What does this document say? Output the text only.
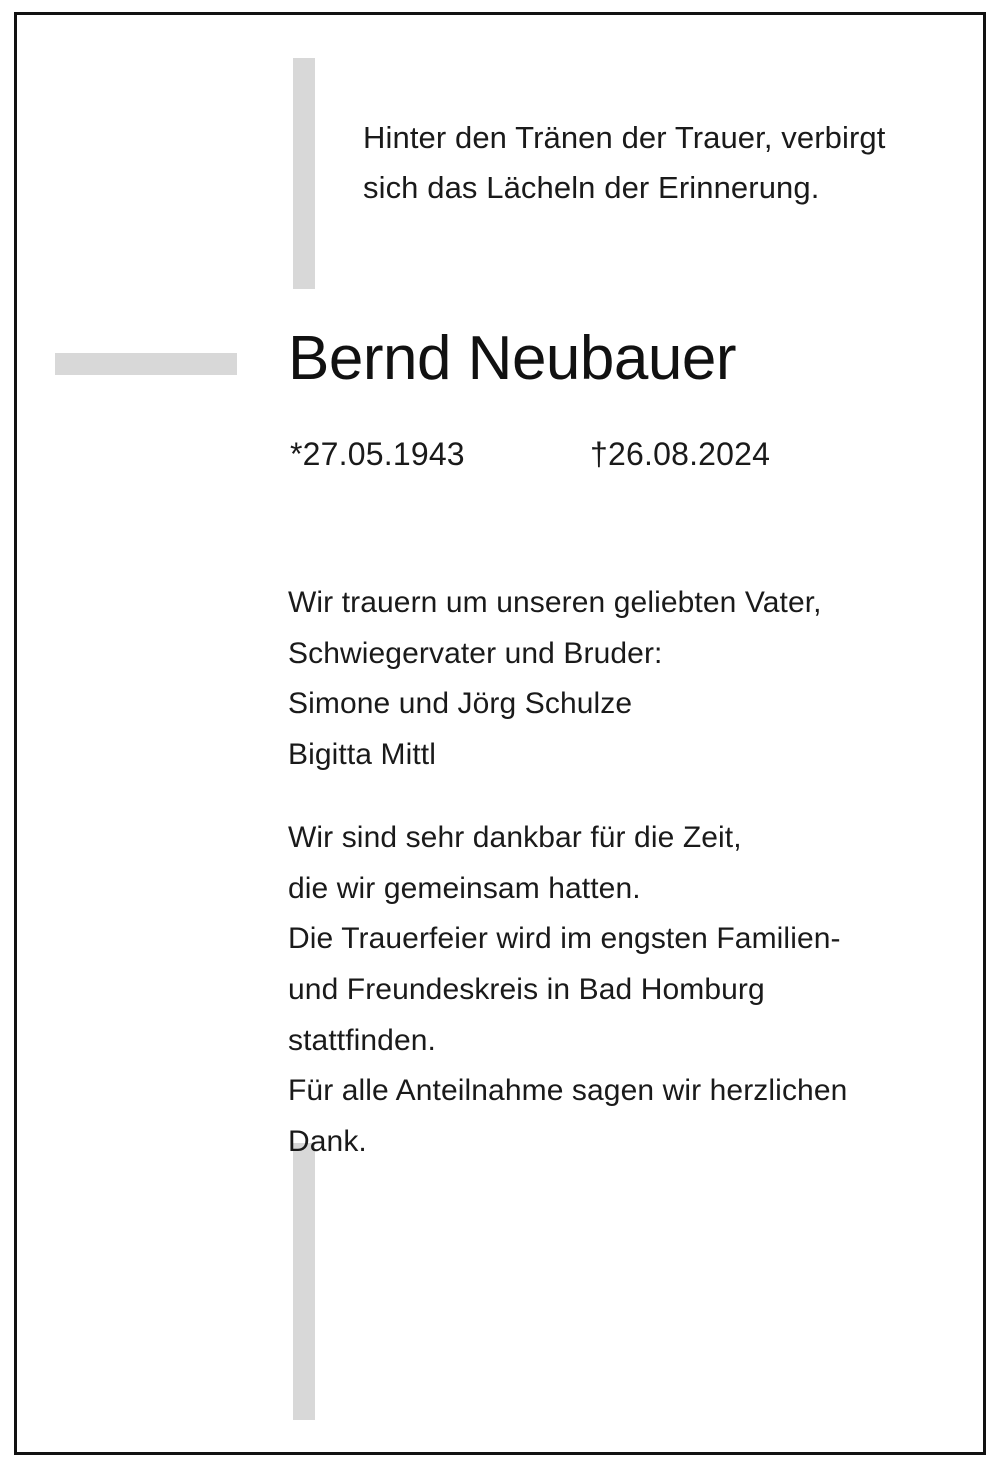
Hinter den Tränen der Trauer, verbirgt
sich das Lächeln der Erinnerung.
Bernd Neubauer
*27.05.1943	†26.08.2024
Wir trauern um unseren geliebten Vater,
Schwiegervater und Bruder:
Simone und Jörg Schulze
Bigitta Mittl
Wir sind sehr dankbar für die Zeit,
die wir gemeinsam hatten.
Die Trauerfeier wird im engsten Familien-
und Freundeskreis in Bad Homburg
stattfinden.
Für alle Anteilnahme sagen wir herzlichen
Dank.
